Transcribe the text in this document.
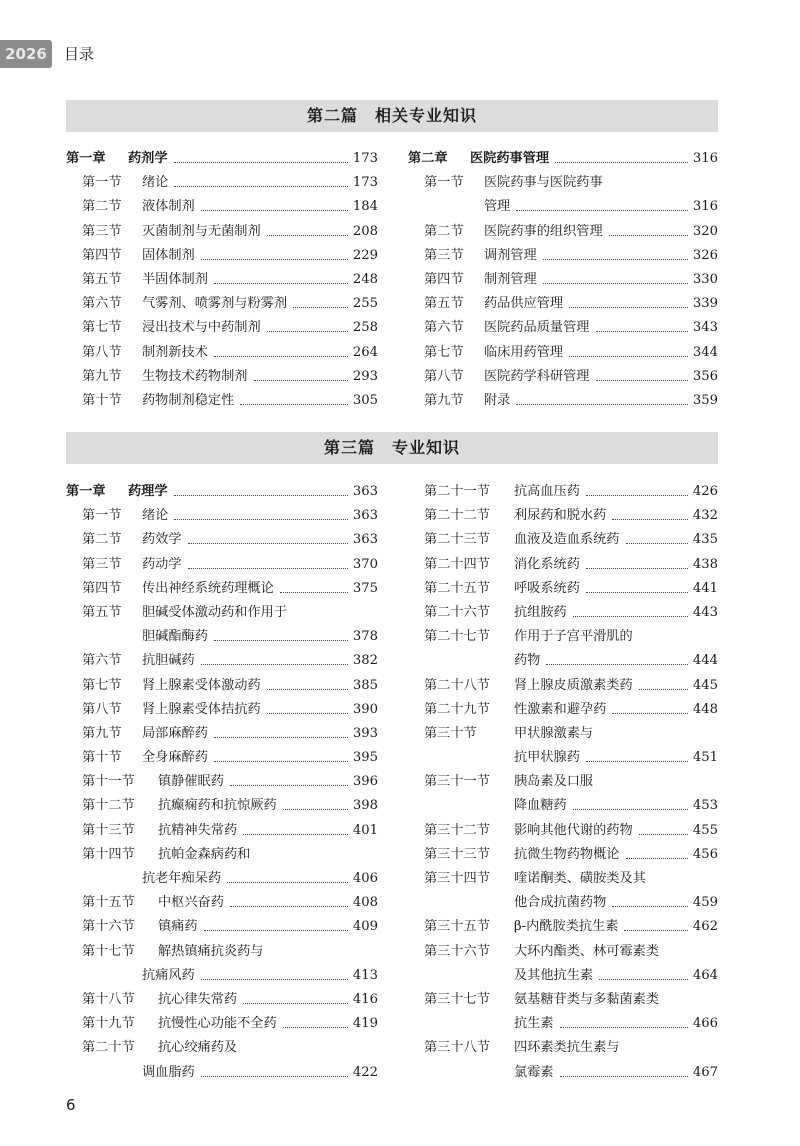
2026	目录
第二篇　相关专业知识
第一章 药剂学	173
第一节 绪论	173
第二节 液体制剂	184
第三节 灭菌制剂与无菌制剂	208
第四节 固体制剂	229
第五节 半固体制剂	248
第六节 气雾剂、喷雾剂与粉雾剂	255
第七节 浸出技术与中药制剂	258
第八节 制剂新技术	264
第九节 生物技术药物制剂	293
第十节 药物制剂稳定性	305
第二章 医院药事管理	316
第一节 医院药事与医院药事
管理	316
第二节 医院药事的组织管理	320
第三节 调剂管理	326
第四节 制剂管理	330
第五节 药品供应管理	339
第六节 医院药品质量管理	343
第七节 临床用药管理	344
第八节 医院药学科研管理	356
第九节 附录	359
第三篇　专业知识
第一章 药理学	363
第一节 绪论	363
第二节 药效学	363
第三节 药动学	370
第四节 传出神经系统药理概论	375
第五节 胆碱受体激动药和作用于
胆碱酯酶药	378
第六节 抗胆碱药	382
第七节 肾上腺素受体激动药	385
第八节 肾上腺素受体拮抗药	390
第九节 局部麻醉药	393
第十节 全身麻醉药	395
第十一节 镇静催眠药	396
第十二节 抗癫痫药和抗惊厥药	398
第十三节 抗精神失常药	401
第十四节 抗帕金森病药和
抗老年痴呆药	406
第十五节 中枢兴奋药	408
第十六节 镇痛药	409
第十七节 解热镇痛抗炎药与
抗痛风药	413
第十八节 抗心律失常药	416
第十九节 抗慢性心功能不全药	419
第二十节 抗心绞痛药及
调血脂药	422
第二十一节 抗高血压药	426
第二十二节 利尿药和脱水药	432
第二十三节 血液及造血系统药	435
第二十四节 消化系统药	438
第二十五节 呼吸系统药	441
第二十六节 抗组胺药	443
第二十七节 作用于子宫平滑肌的
药物	444
第二十八节 肾上腺皮质激素类药	445
第二十九节 性激素和避孕药	448
第三十节	甲状腺激素与
抗甲状腺药	451
第三十一节 胰岛素及口服
降血糖药	453
第三十二节 影响其他代谢的药物	455
第三十三节 抗微生物药物概论	456
第三十四节 喹诺酮类、磺胺类及其
他合成抗菌药物	459
第三十五节 β-内酰胺类抗生素	462
第三十六节 大环内酯类、林可霉素类
及其他抗生素	464
第三十七节 氨基糖苷类与多黏菌素类
抗生素	466
第三十八节 四环素类抗生素与
氯霉素	467
6
